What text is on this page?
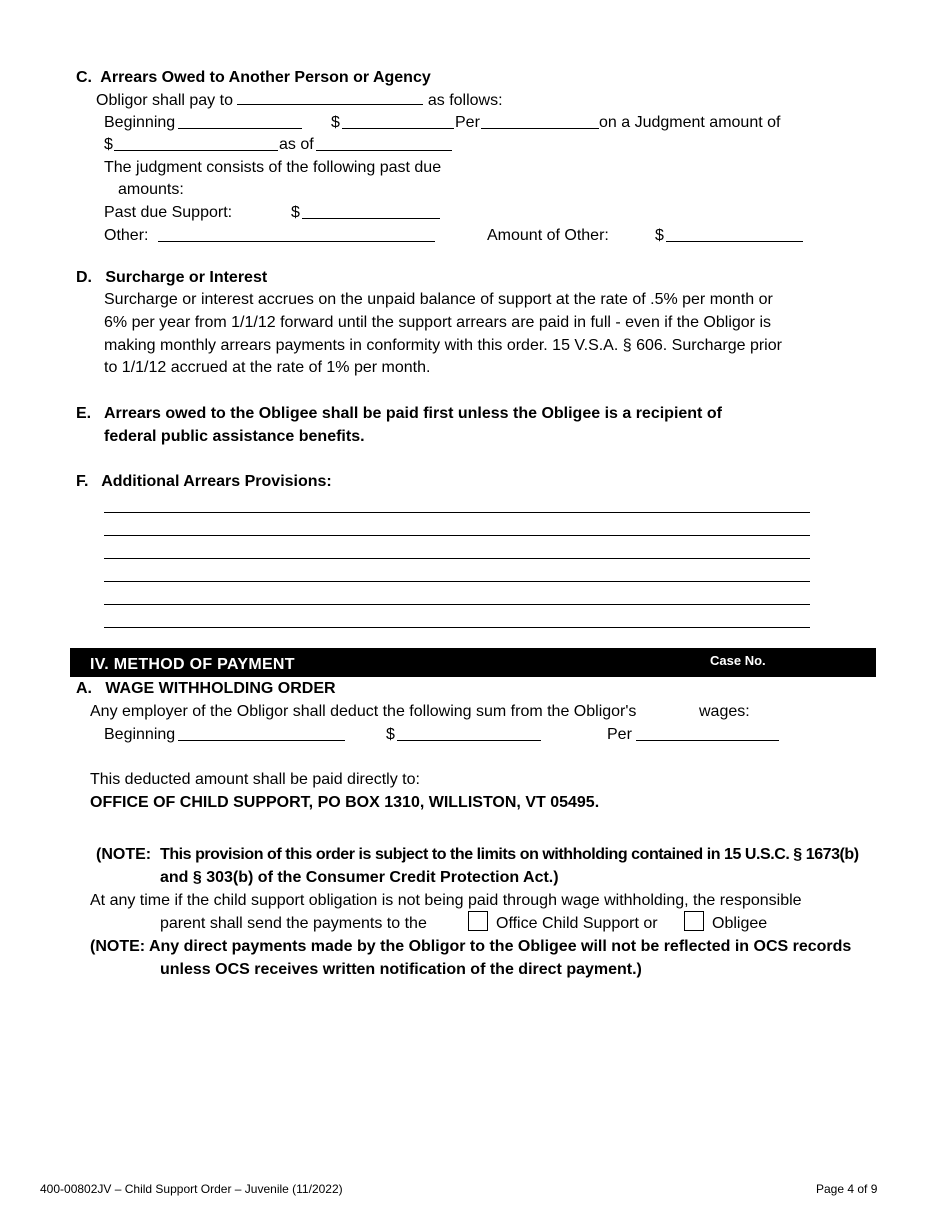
C.  Arrears Owed to Another Person or Agency
Obligor shall pay to	as follows:
Beginning	$	Per	on a Judgment amount of
$	as of
The judgment consists of the following past due
amounts:
Past due Support:	$
Other:	Amount of Other:	$
D.   Surcharge or Interest
Surcharge or interest accrues on the unpaid balance of support at the rate of .5% per month or
6% per year from 1/1/12 forward until the support arrears are paid in full - even if the Obligor is
making monthly arrears payments in conformity with this order. 15 V.S.A. § 606. Surcharge prior
to 1/1/12 accrued at the rate of 1% per month.
E. Arrears owed to the Obligee shall be paid first unless the Obligee is a recipient of
federal public assistance benefits.
F.   Additional Arrears Provisions:
IV. METHOD OF PAYMENT	Case No.
A.   WAGE WITHHOLDING ORDER
Any employer of the Obligor shall deduct the following sum from the Obligor's	wages:
Beginning	$	Per
This deducted amount shall be paid directly to:
OFFICE OF CHILD SUPPORT, PO BOX 1310, WILLISTON, VT 05495.
(NOTE: This provision of this order is subject to the limits on withholding contained in 15 U.S.C. § 1673(b)
and § 303(b) of the Consumer Credit Protection Act.)
At any time if the child support obligation is not being paid through wage withholding, the responsible
parent shall send the payments to the	Office Child Support or	Obligee
(NOTE: Any direct payments made by the Obligor to the Obligee will not be reflected in OCS records
unless OCS receives written notification of the direct payment.)
400-00802JV – Child Support Order – Juvenile (11/2022)	Page 4 of 9
